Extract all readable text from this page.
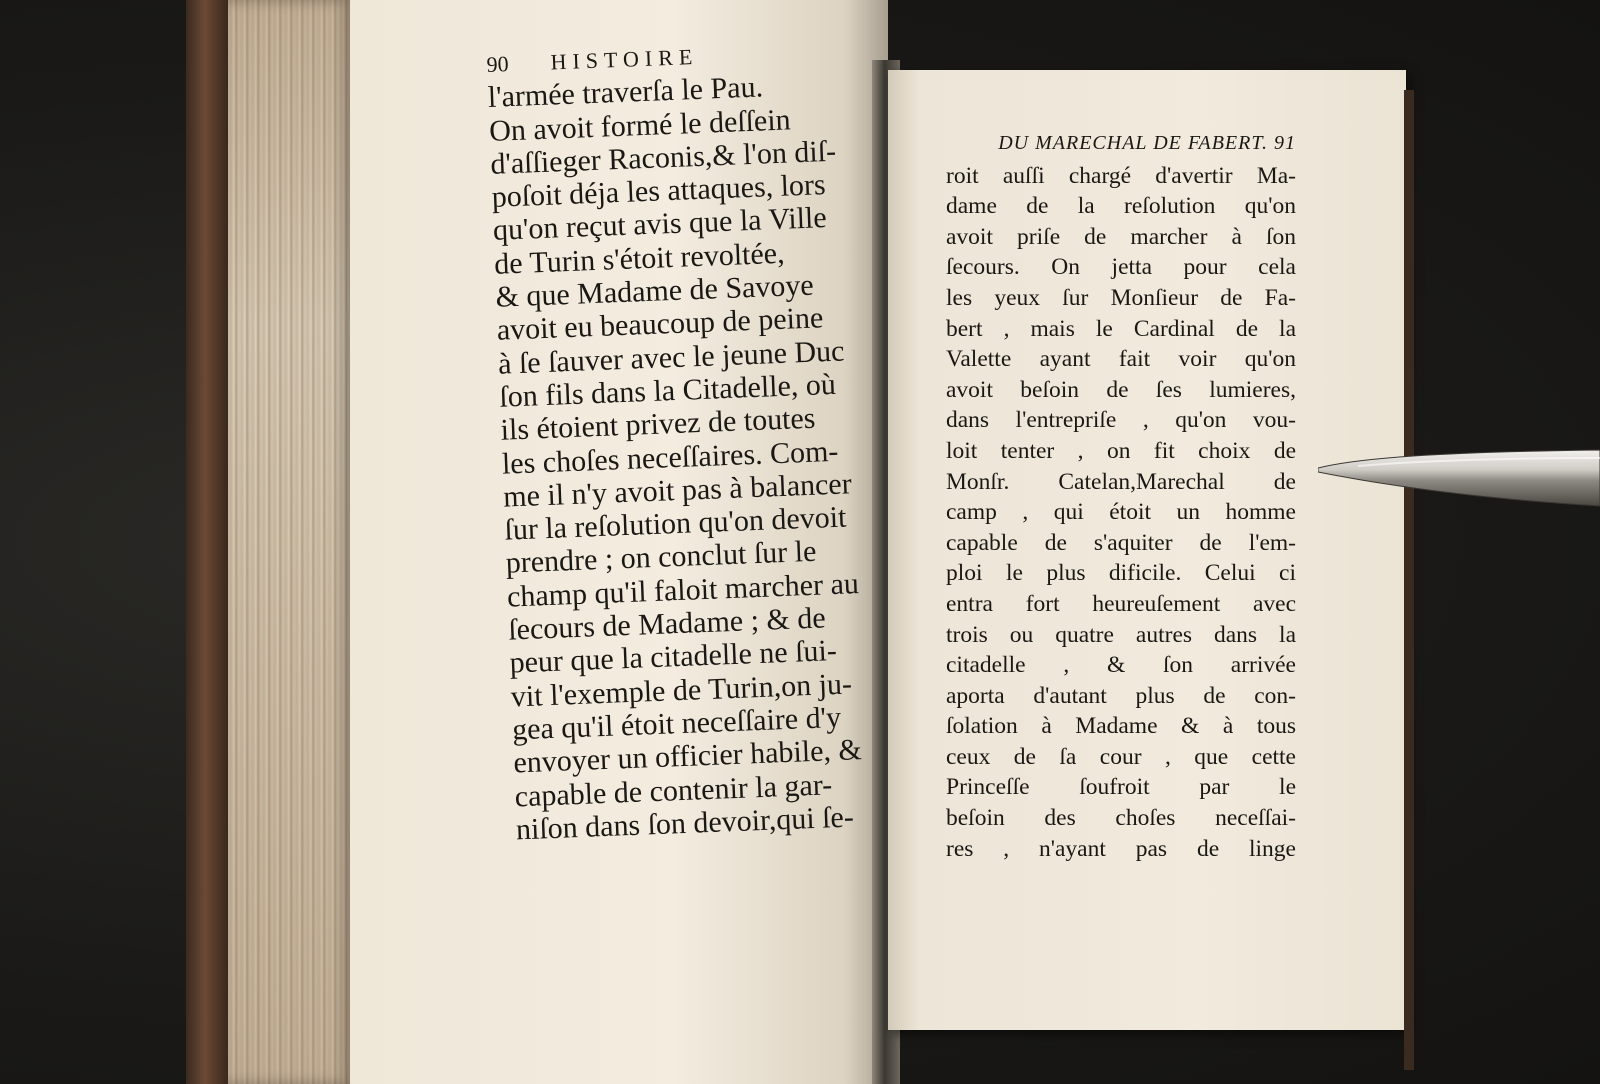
90 HISTOIRE
l'armée traverſa le Pau.
On avoit formé le deſſein
d'aſſieger Raconis,& l'on diſ-
poſoit déja les attaques, lors
qu'on reçut avis que la Ville
de Turin s'étoit revoltée,
& que Madame de Savoye
avoit eu beaucoup de peine
à ſe ſauver avec le jeune Duc
ſon fils dans la Citadelle, où
ils étoient privez de toutes
les choſes neceſſaires. Com-
me il n'y avoit pas à balancer
ſur la reſolution qu'on devoit
prendre ; on conclut ſur le
champ qu'il faloit marcher au
ſecours de Madame ; & de
peur que la citadelle ne ſui-
vit l'exemple de Turin,on ju-
gea qu'il étoit neceſſaire d'y
envoyer un officier habile, &
capable de contenir la gar-
niſon dans ſon devoir,qui ſe-
DU MARECHAL DE FABERT. 91
roit auſſi chargé d'avertir Ma-
dame de la reſolution qu'on
avoit priſe de marcher à ſon
ſecours. On jetta pour cela
les yeux ſur Monſieur de Fa-
bert , mais le Cardinal de la
Valette ayant fait voir qu'on
avoit beſoin de ſes lumieres,
dans l'entrepriſe , qu'on vou-
loit tenter , on fit choix de
Monſr. Catelan,Marechal de
camp , qui étoit un homme
capable de s'aquiter de l'em-
ploi le plus dificile. Celui ci
entra fort heureuſement avec
trois ou quatre autres dans la
citadelle , & ſon arrivée
aporta d'autant plus de con-
ſolation à Madame & à tous
ceux de ſa cour , que cette
Princeſſe ſoufroit par le
beſoin des choſes neceſſai-
res , n'ayant pas de linge
